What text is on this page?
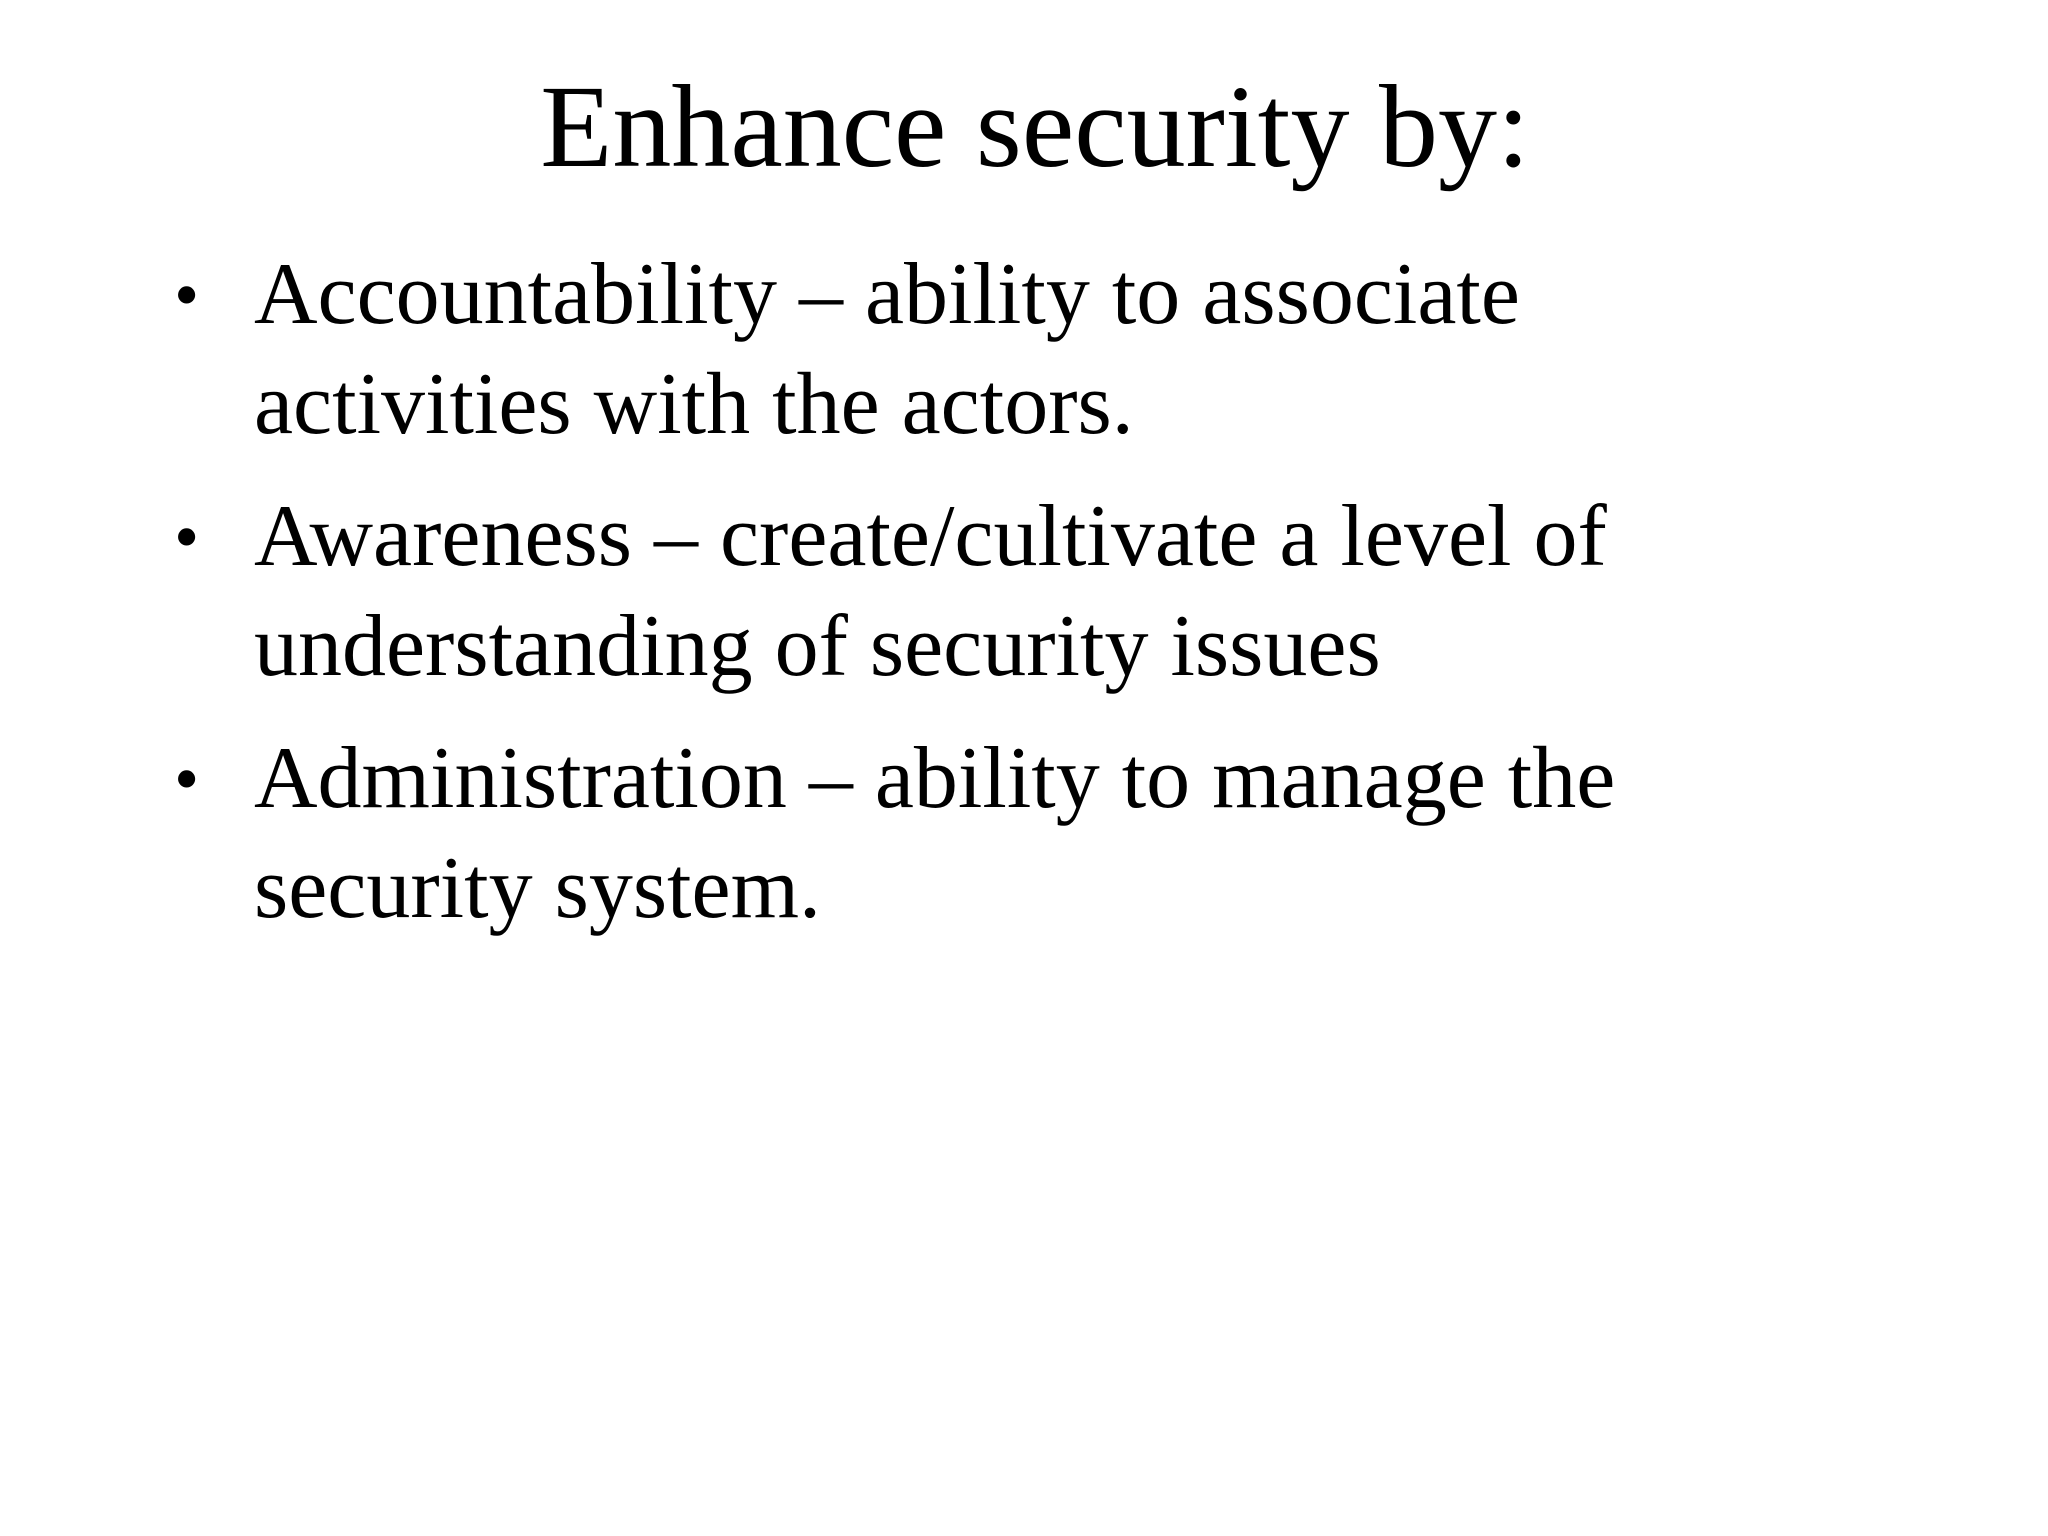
Enhance security by:
• Accountability – ability to associate activities with the actors.
• Awareness – create/cultivate a level of understanding of security issues
• Administration – ability to manage the security system.
